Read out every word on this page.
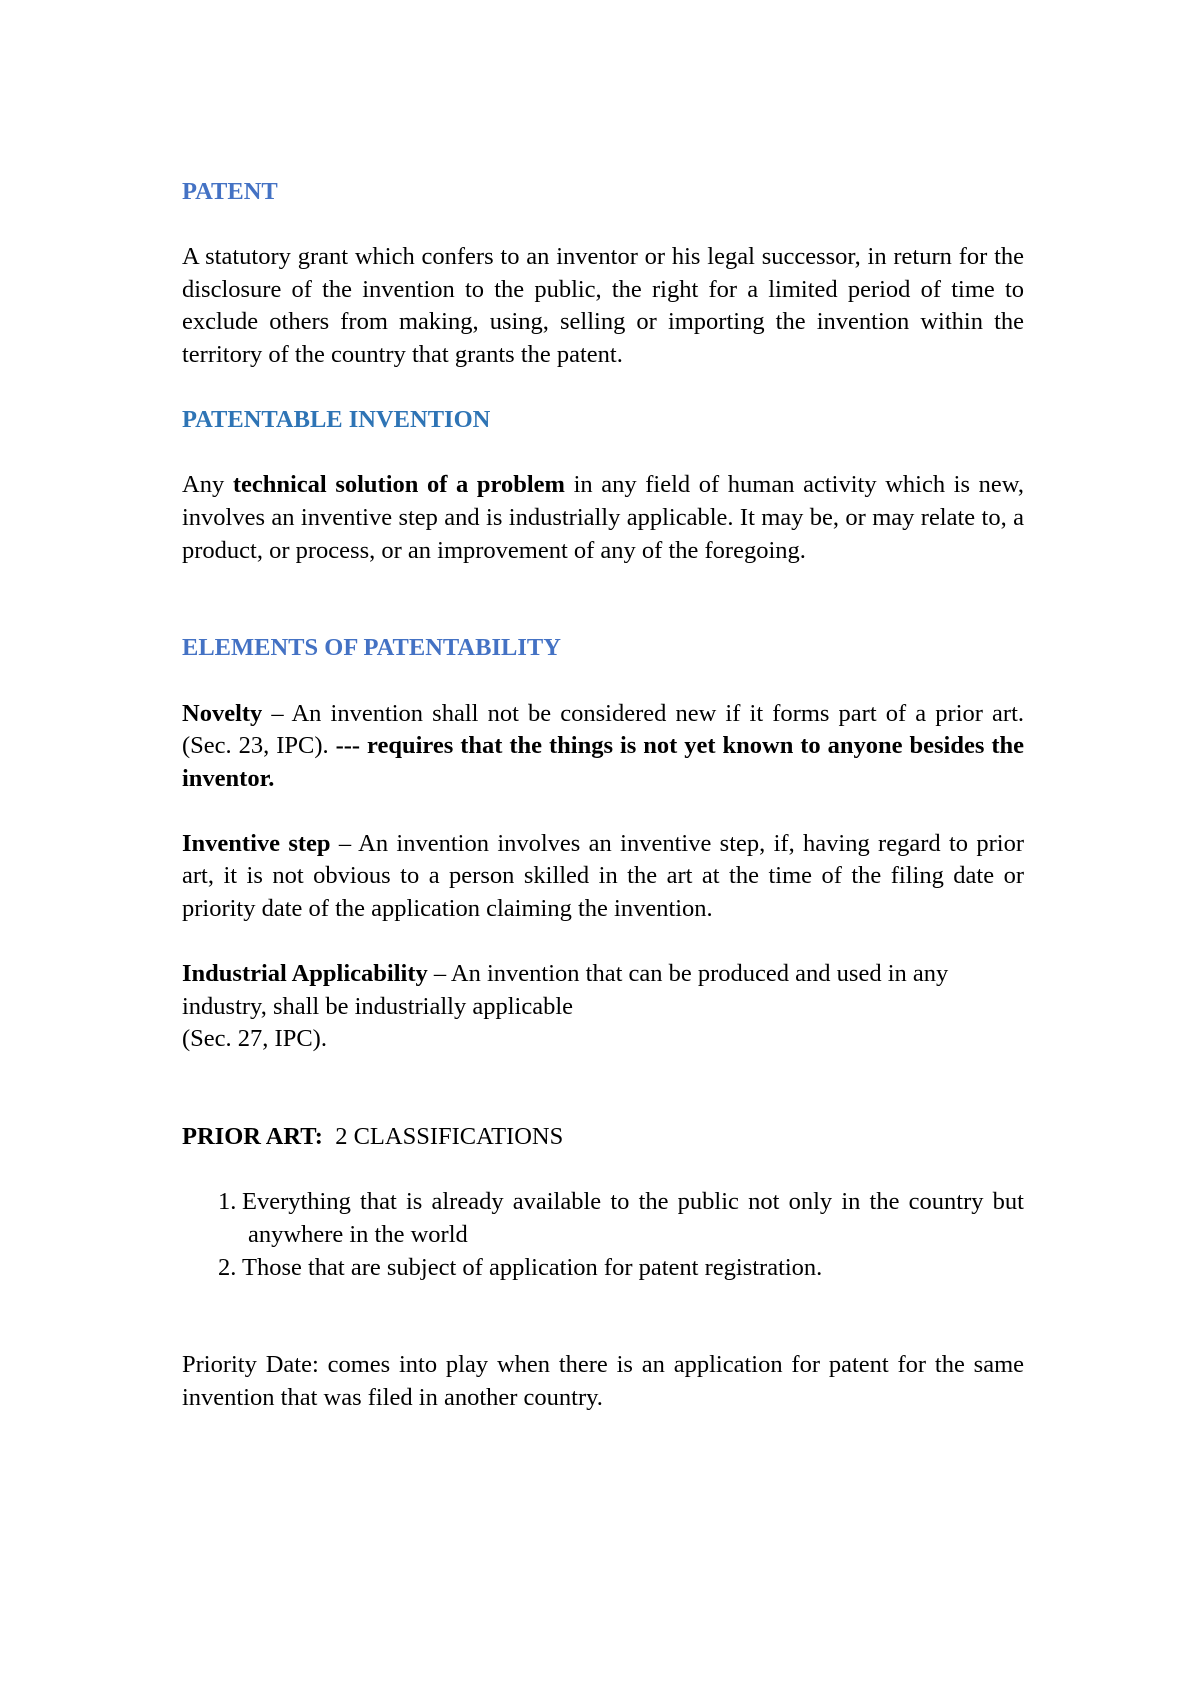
PATENT

A statutory grant which confers to an inventor or his legal successor, in return for the disclosure of the invention to the public, the right for a limited period of time to exclude others from making, using, selling or importing the invention within the territory of the country that grants the patent.

PATENTABLE INVENTION

Any technical solution of a problem in any field of human activity which is new, involves an inventive step and is industrially applicable. It may be, or may relate to, a product, or process, or an improvement of any of the foregoing.

ELEMENTS OF PATENTABILITY

Novelty – An invention shall not be considered new if it forms part of a prior art. (Sec. 23, IPC). --- requires that the things is not yet known to anyone besides the inventor.

Inventive step – An invention involves an inventive step, if, having regard to prior art, it is not obvious to a person skilled in the art at the time of the filing date or priority date of the application claiming the invention.

Industrial Applicability – An invention that can be produced and used in any industry, shall be industrially applicable
(Sec. 27, IPC).

PRIOR ART:  2 CLASSIFICATIONS

1. Everything that is already available to the public not only in the country but anywhere in the world
2. Those that are subject of application for patent registration.

Priority Date: comes into play when there is an application for patent for the same invention that was filed in another country.
